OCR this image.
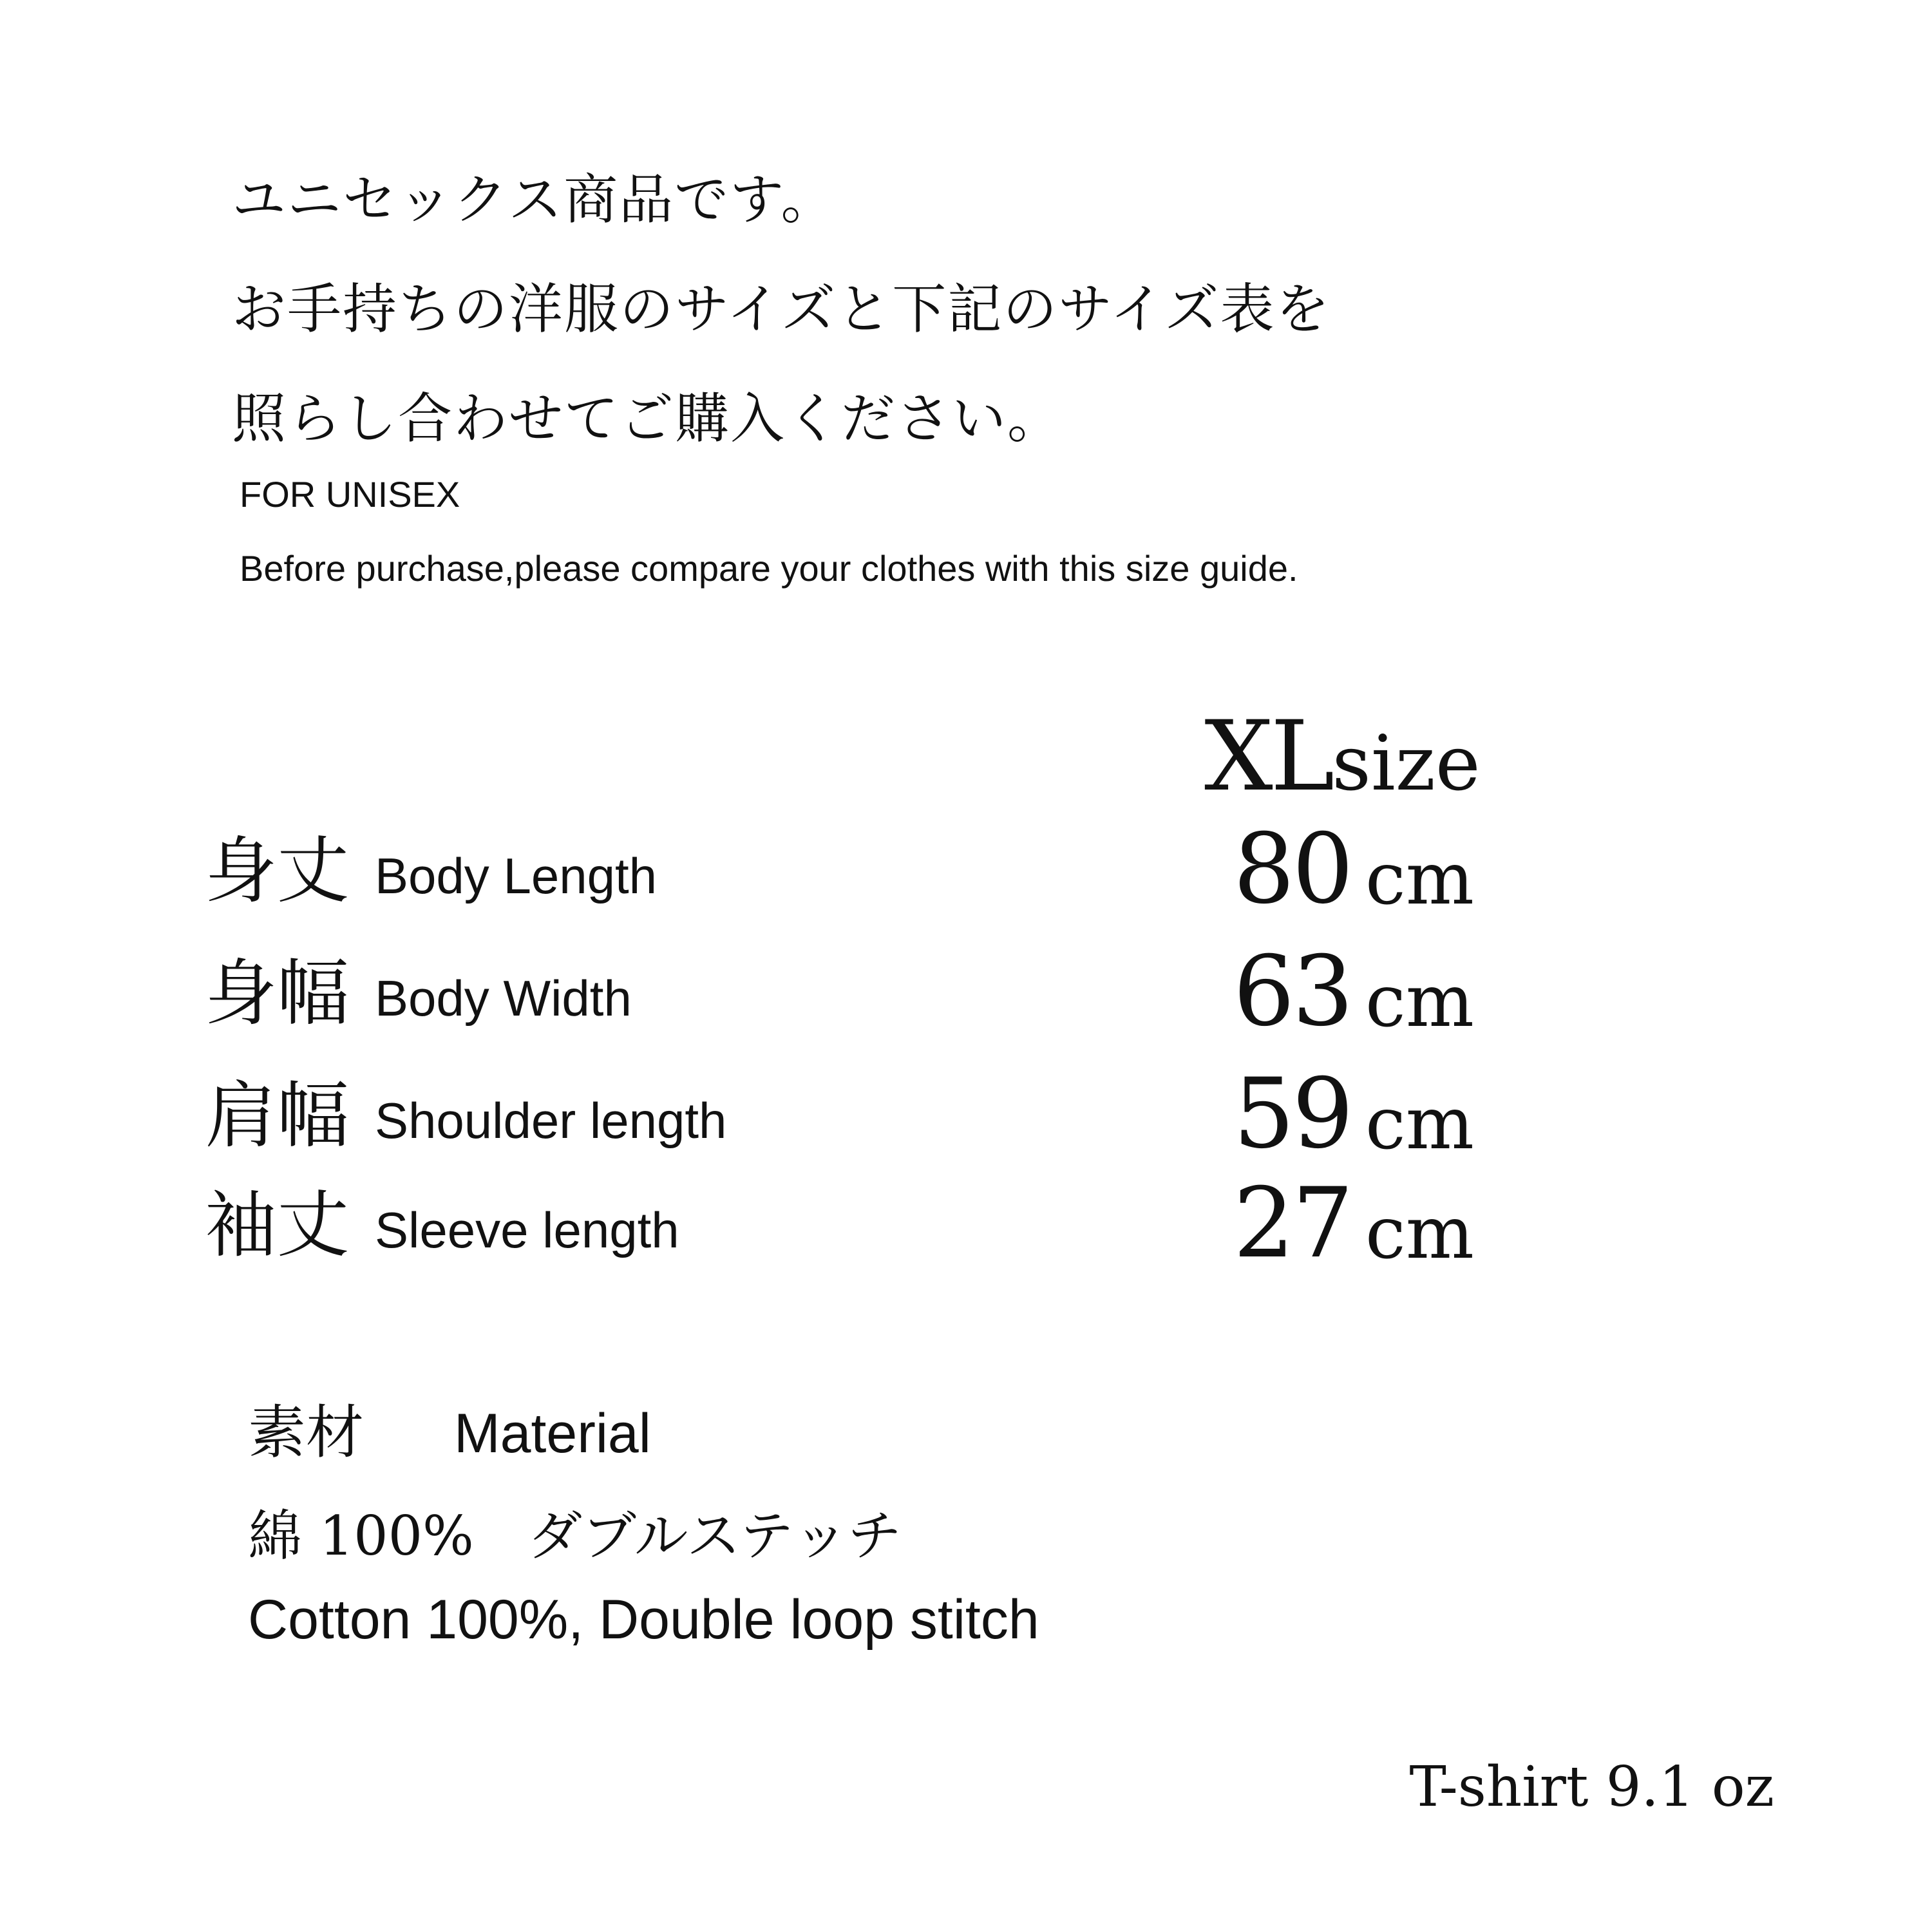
ユニセックス商品です。
お手持ちの洋服のサイズと下記のサイズ表を
照らし合わせてご購入ください。
FOR UNISEX
Before purchase,please compare your clothes with this size guide.
XLsize
身丈 Body Length	80 cm
身幅 Body Width	63 cm
肩幅 Shoulder length	59 cm
袖丈 Sleeve length	27 cm
素材 Material
綿 100%　ダブルステッチ
Cotton 100%, Double loop stitch
T-shirt 9.1 oz
